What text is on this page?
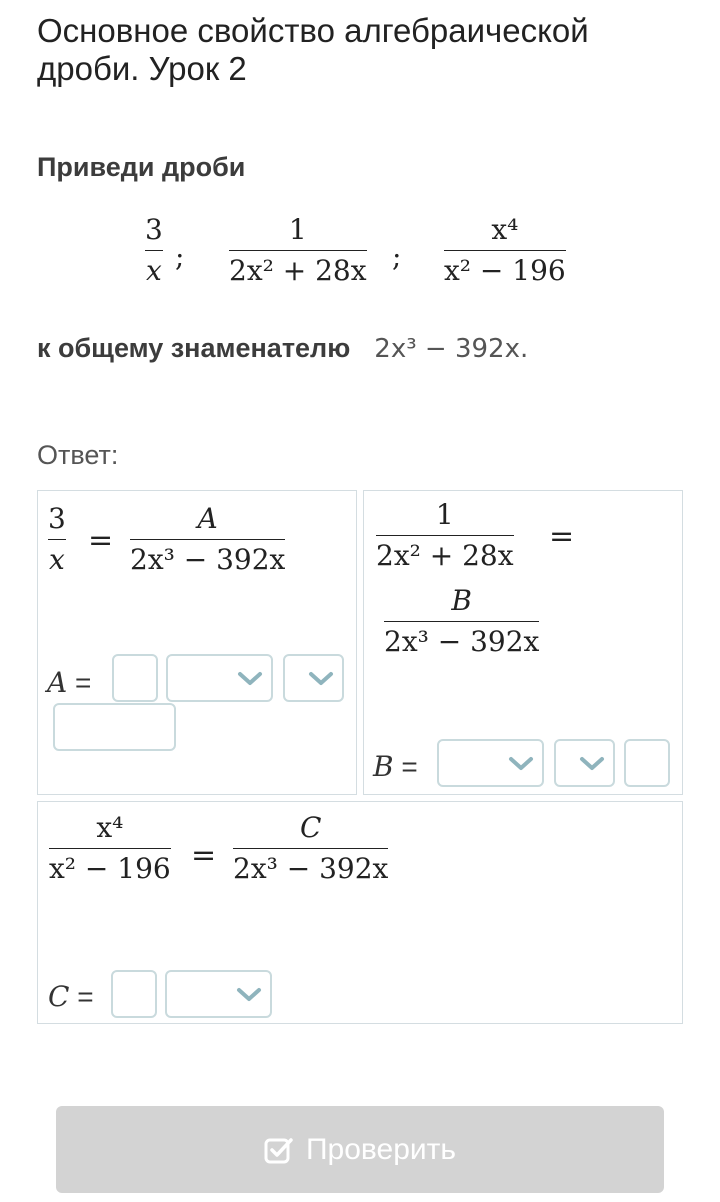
Основное свойство алгебраической дроби. Урок 2
Приведи дроби
3
x ;
1
2x² + 28x ;
x⁴
x² − 196
к общему знаменателю 2x³ − 392x.
Ответ:
3
x
=
A
2x³ − 392x
A =
1
2x² + 28x
=
B
2x³ − 392x
B =
x⁴
x² − 196 =
C
2x³ − 392x
C =
Проверить
